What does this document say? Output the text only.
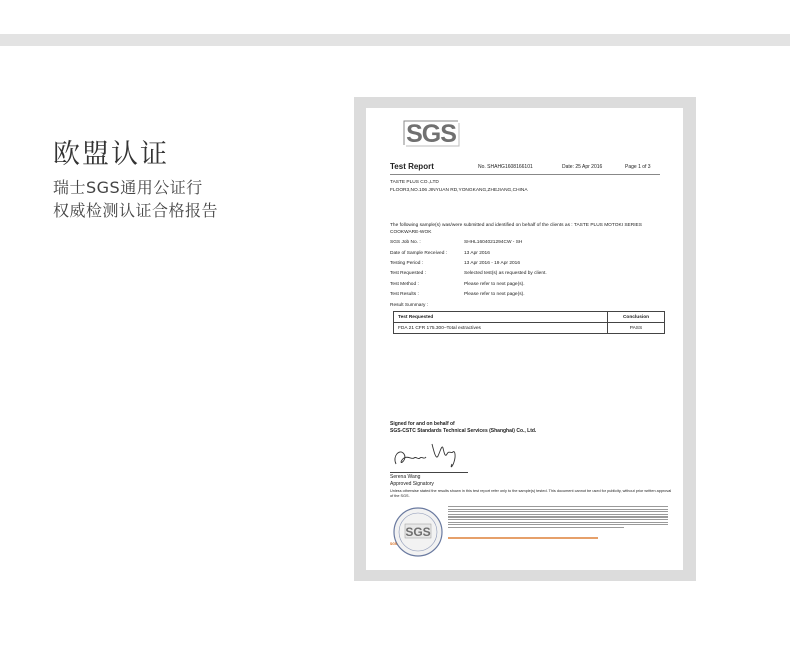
欧盟认证
瑞士SGS通用公证行
权威检测认证合格报告
SGS
Test Report	No. SHAHG1608166101	Date: 25 Apr 2016	Page 1 of 3
TASTE PLUS CO.,LTD
FLOOR3,NO.106 JINYUAN RD,YONGKANG,ZHEJIANG,CHINA
The following sample(s) was/were submitted and identified on behalf of the clients as : TASTE PLUS MOTOKI SERIES COOKWARE-WOK
SGS Job No. :	SHHL1604021294CW - SH
Date of Sample Received :	13 Apr 2016
Testing Period :	13 Apr 2016 - 19 Apr 2016
Test Requested :	Selected test(s) as requested by client.
Test Method :	Please refer to next page(s).
Test Results :	Please refer to next page(s).
Result Summary :
Test Requested	Conclusion
FDA 21 CFR 175.300–Total extractives	PASS
Signed for and on behalf of
SGS-CSTC Standards Technical Services (Shanghai) Co., Ltd.
Serena Wang
Approved Signatory
Unless otherwise stated the results shown in this test report refer only to the sample(s) tested. This document cannot be used for publicity, without prior written approval of the SGS.
SGS
SGS
